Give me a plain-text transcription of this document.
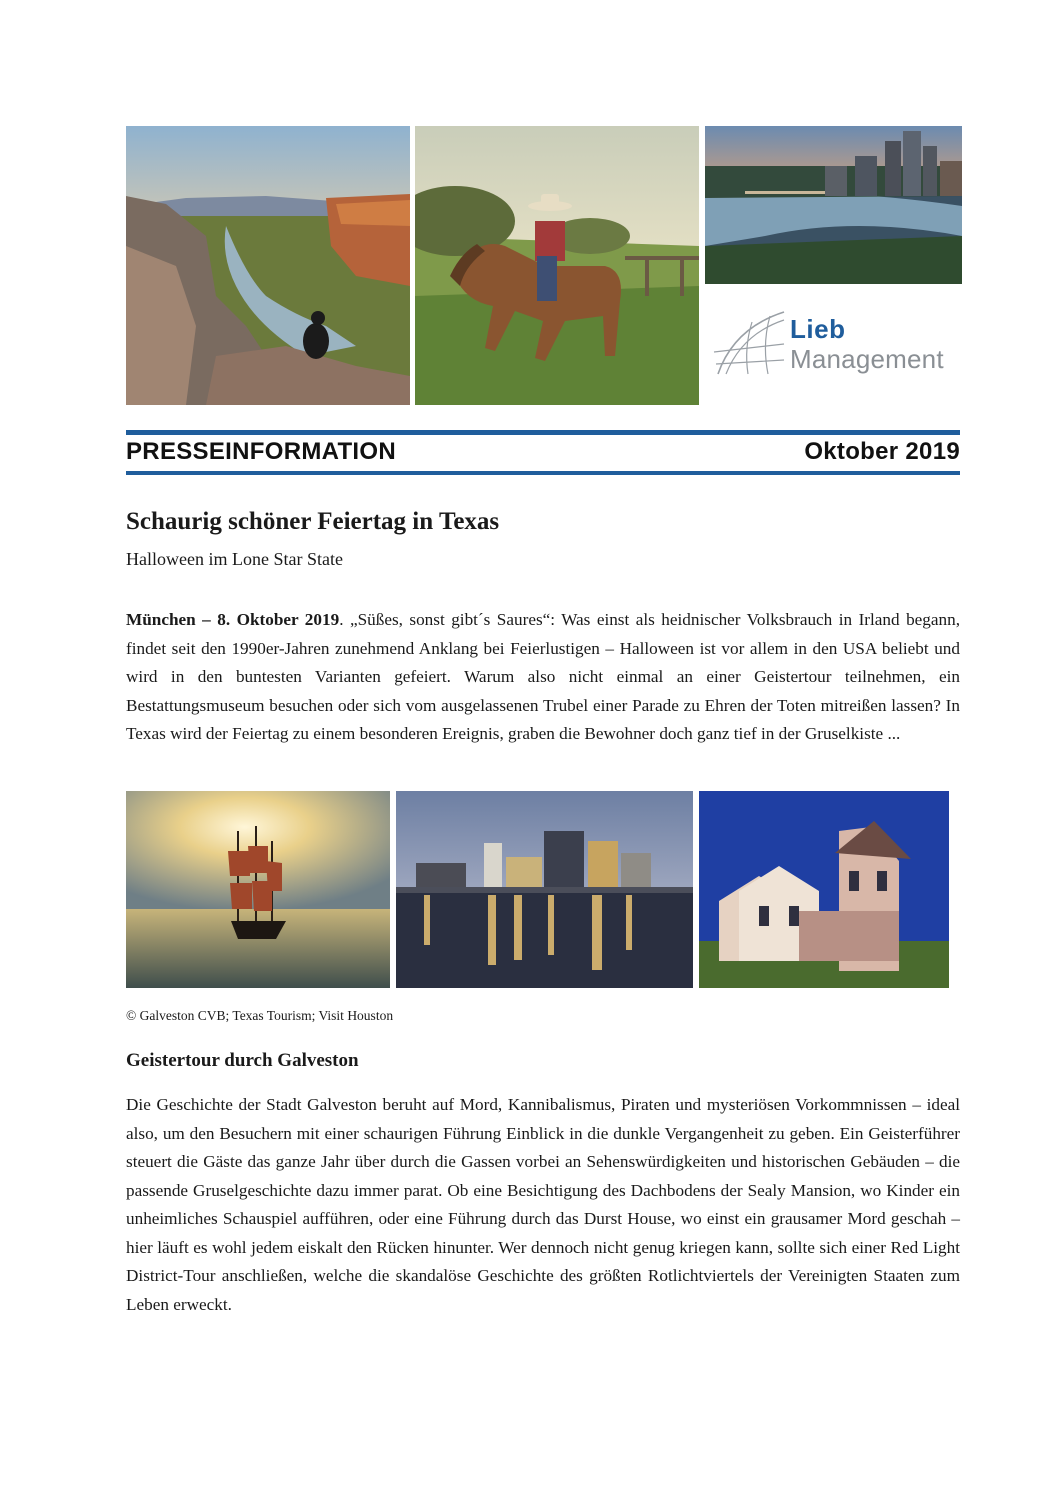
Lieb
Management
PRESSEINFORMATION	Oktober 2019
Schaurig schöner Feiertag in Texas
Halloween im Lone Star State

München – 8. Oktober 2019. „Süßes, sonst gibt´s Saures“: Was einst als heidnischer Volksbrauch in Irland begann, findet seit den 1990er-Jahren zunehmend Anklang bei Feierlustigen – Halloween ist vor allem in den USA beliebt und wird in den buntesten Varianten gefeiert. Warum also nicht einmal an einer Geistertour teilnehmen, ein Bestattungsmuseum besuchen oder sich vom ausgelassenen Trubel einer Parade zu Ehren der Toten mitreißen lassen? In Texas wird der Feiertag zu einem besonderen Ereignis, graben die Bewohner doch ganz tief in der Gruselkiste ...

© Galveston CVB; Texas Tourism; Visit Houston
Geistertour durch Galveston

Die Geschichte der Stadt Galveston beruht auf Mord, Kannibalismus, Piraten und mysteriösen Vorkommnissen – ideal also, um den Besuchern mit einer schaurigen Führung Einblick in die dunkle Vergangenheit zu geben. Ein Geisterführer steuert die Gäste das ganze Jahr über durch die Gassen vorbei an Sehenswürdigkeiten und historischen Gebäuden – die passende Gruselgeschichte dazu immer parat. Ob eine Besichtigung des Dachbodens der Sealy Mansion, wo Kinder ein unheimliches Schauspiel aufführen, oder eine Führung durch das Durst House, wo einst ein grausamer Mord geschah – hier läuft es wohl jedem eiskalt den Rücken hinunter. Wer dennoch nicht genug kriegen kann, sollte sich einer Red Light District-Tour anschließen, welche die skandalöse Geschichte des größten Rotlichtviertels der Vereinigten Staaten zum Leben erweckt.
